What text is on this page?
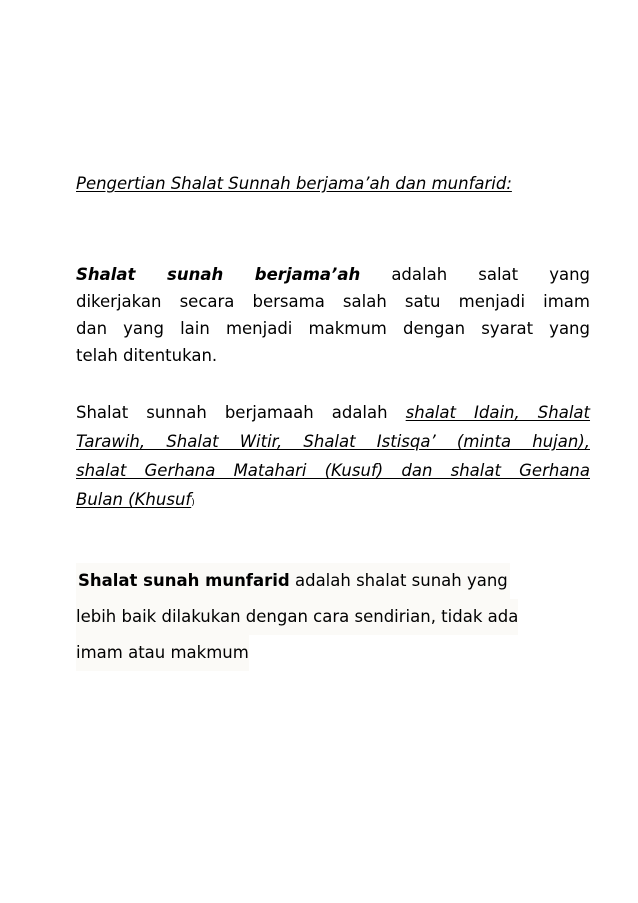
Pengertian Shalat Sunnah berjama’ah dan munfarid:
Shalat sunah berjama’ah adalah salat yang
dikerjakan secara bersama salah satu menjadi imam
dan yang lain menjadi makmum dengan syarat yang
telah ditentukan.
Shalat sunnah berjamaah adalah shalat Idain, Shalat
Tarawih, Shalat Witir, Shalat Istisqa’ (minta hujan),
shalat Gerhana Matahari (Kusuf) dan shalat Gerhana
Bulan (Khusuf)
Shalat sunah munfarid adalah shalat sunah yang
lebih baik dilakukan dengan cara sendirian, tidak ada
imam atau makmum
